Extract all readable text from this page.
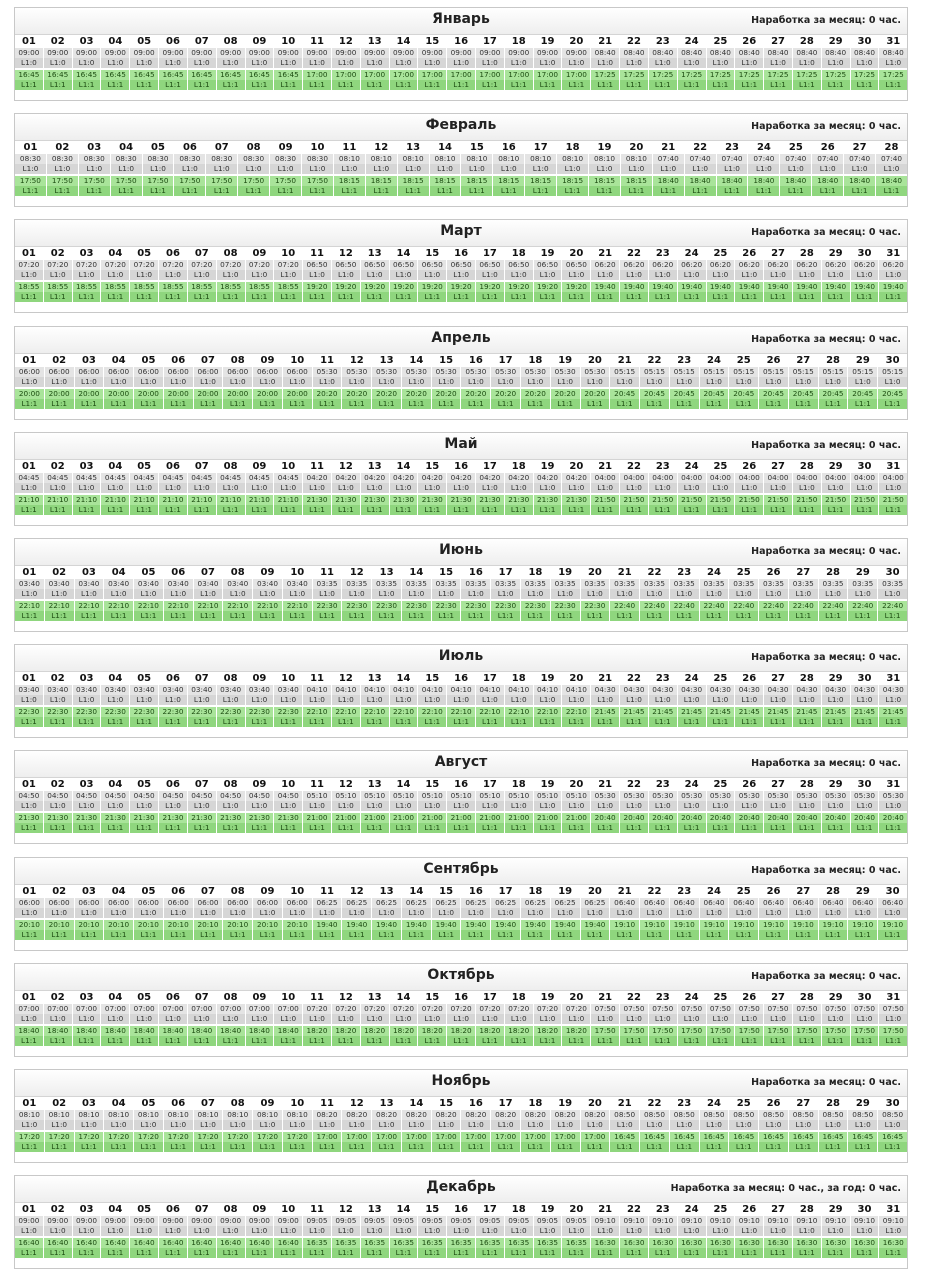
Январь	Наработка за месяц: 0 час.
01	02	03	04	05	06	07	08	09	10	11	12	13	14	15	16	17	18	19	20	21	22	23	24	25	26	27	28	29	30	31
09:00	09:00	09:00	09:00	09:00	09:00	09:00	09:00	09:00	09:00	09:00	09:00	09:00	09:00	09:00	09:00	09:00	09:00	09:00	09:00	08:40	08:40	08:40	08:40	08:40	08:40	08:40	08:40	08:40	08:40	08:40
L1:0	L1:0	L1:0	L1:0	L1:0	L1:0	L1:0	L1:0	L1:0	L1:0	L1:0	L1:0	L1:0	L1:0	L1:0	L1:0	L1:0	L1:0	L1:0	L1:0	L1:0	L1:0	L1:0	L1:0	L1:0	L1:0	L1:0	L1:0	L1:0	L1:0	L1:0
16:45	16:45	16:45	16:45	16:45	16:45	16:45	16:45	16:45	16:45	17:00	17:00	17:00	17:00	17:00	17:00	17:00	17:00	17:00	17:00	17:25	17:25	17:25	17:25	17:25	17:25	17:25	17:25	17:25	17:25	17:25
L1:1	L1:1	L1:1	L1:1	L1:1	L1:1	L1:1	L1:1	L1:1	L1:1	L1:1	L1:1	L1:1	L1:1	L1:1	L1:1	L1:1	L1:1	L1:1	L1:1	L1:1	L1:1	L1:1	L1:1	L1:1	L1:1	L1:1	L1:1	L1:1	L1:1	L1:1
Февраль	Наработка за месяц: 0 час.
01	02	03	04	05	06	07	08	09	10	11	12	13	14	15	16	17	18	19	20	21	22	23	24	25	26	27	28
08:30	08:30	08:30	08:30	08:30	08:30	08:30	08:30	08:30	08:30	08:10	08:10	08:10	08:10	08:10	08:10	08:10	08:10	08:10	08:10	07:40	07:40	07:40	07:40	07:40	07:40	07:40	07:40
L1:0	L1:0	L1:0	L1:0	L1:0	L1:0	L1:0	L1:0	L1:0	L1:0	L1:0	L1:0	L1:0	L1:0	L1:0	L1:0	L1:0	L1:0	L1:0	L1:0	L1:0	L1:0	L1:0	L1:0	L1:0	L1:0	L1:0	L1:0
17:50	17:50	17:50	17:50	17:50	17:50	17:50	17:50	17:50	17:50	18:15	18:15	18:15	18:15	18:15	18:15	18:15	18:15	18:15	18:15	18:40	18:40	18:40	18:40	18:40	18:40	18:40	18:40
L1:1	L1:1	L1:1	L1:1	L1:1	L1:1	L1:1	L1:1	L1:1	L1:1	L1:1	L1:1	L1:1	L1:1	L1:1	L1:1	L1:1	L1:1	L1:1	L1:1	L1:1	L1:1	L1:1	L1:1	L1:1	L1:1	L1:1	L1:1
Март	Наработка за месяц: 0 час.
01	02	03	04	05	06	07	08	09	10	11	12	13	14	15	16	17	18	19	20	21	22	23	24	25	26	27	28	29	30	31
07:20	07:20	07:20	07:20	07:20	07:20	07:20	07:20	07:20	07:20	06:50	06:50	06:50	06:50	06:50	06:50	06:50	06:50	06:50	06:50	06:20	06:20	06:20	06:20	06:20	06:20	06:20	06:20	06:20	06:20	06:20
L1:0	L1:0	L1:0	L1:0	L1:0	L1:0	L1:0	L1:0	L1:0	L1:0	L1:0	L1:0	L1:0	L1:0	L1:0	L1:0	L1:0	L1:0	L1:0	L1:0	L1:0	L1:0	L1:0	L1:0	L1:0	L1:0	L1:0	L1:0	L1:0	L1:0	L1:0
18:55	18:55	18:55	18:55	18:55	18:55	18:55	18:55	18:55	18:55	19:20	19:20	19:20	19:20	19:20	19:20	19:20	19:20	19:20	19:20	19:40	19:40	19:40	19:40	19:40	19:40	19:40	19:40	19:40	19:40	19:40
L1:1	L1:1	L1:1	L1:1	L1:1	L1:1	L1:1	L1:1	L1:1	L1:1	L1:1	L1:1	L1:1	L1:1	L1:1	L1:1	L1:1	L1:1	L1:1	L1:1	L1:1	L1:1	L1:1	L1:1	L1:1	L1:1	L1:1	L1:1	L1:1	L1:1	L1:1
Апрель	Наработка за месяц: 0 час.
01	02	03	04	05	06	07	08	09	10	11	12	13	14	15	16	17	18	19	20	21	22	23	24	25	26	27	28	29	30
06:00	06:00	06:00	06:00	06:00	06:00	06:00	06:00	06:00	06:00	05:30	05:30	05:30	05:30	05:30	05:30	05:30	05:30	05:30	05:30	05:15	05:15	05:15	05:15	05:15	05:15	05:15	05:15	05:15	05:15
L1:0	L1:0	L1:0	L1:0	L1:0	L1:0	L1:0	L1:0	L1:0	L1:0	L1:0	L1:0	L1:0	L1:0	L1:0	L1:0	L1:0	L1:0	L1:0	L1:0	L1:0	L1:0	L1:0	L1:0	L1:0	L1:0	L1:0	L1:0	L1:0	L1:0
20:00	20:00	20:00	20:00	20:00	20:00	20:00	20:00	20:00	20:00	20:20	20:20	20:20	20:20	20:20	20:20	20:20	20:20	20:20	20:20	20:45	20:45	20:45	20:45	20:45	20:45	20:45	20:45	20:45	20:45
L1:1	L1:1	L1:1	L1:1	L1:1	L1:1	L1:1	L1:1	L1:1	L1:1	L1:1	L1:1	L1:1	L1:1	L1:1	L1:1	L1:1	L1:1	L1:1	L1:1	L1:1	L1:1	L1:1	L1:1	L1:1	L1:1	L1:1	L1:1	L1:1	L1:1
Май	Наработка за месяц: 0 час.
01	02	03	04	05	06	07	08	09	10	11	12	13	14	15	16	17	18	19	20	21	22	23	24	25	26	27	28	29	30	31
04:45	04:45	04:45	04:45	04:45	04:45	04:45	04:45	04:45	04:45	04:20	04:20	04:20	04:20	04:20	04:20	04:20	04:20	04:20	04:20	04:00	04:00	04:00	04:00	04:00	04:00	04:00	04:00	04:00	04:00	04:00
L1:0	L1:0	L1:0	L1:0	L1:0	L1:0	L1:0	L1:0	L1:0	L1:0	L1:0	L1:0	L1:0	L1:0	L1:0	L1:0	L1:0	L1:0	L1:0	L1:0	L1:0	L1:0	L1:0	L1:0	L1:0	L1:0	L1:0	L1:0	L1:0	L1:0	L1:0
21:10	21:10	21:10	21:10	21:10	21:10	21:10	21:10	21:10	21:10	21:30	21:30	21:30	21:30	21:30	21:30	21:30	21:30	21:30	21:30	21:50	21:50	21:50	21:50	21:50	21:50	21:50	21:50	21:50	21:50	21:50
L1:1	L1:1	L1:1	L1:1	L1:1	L1:1	L1:1	L1:1	L1:1	L1:1	L1:1	L1:1	L1:1	L1:1	L1:1	L1:1	L1:1	L1:1	L1:1	L1:1	L1:1	L1:1	L1:1	L1:1	L1:1	L1:1	L1:1	L1:1	L1:1	L1:1	L1:1
Июнь	Наработка за месяц: 0 час.
01	02	03	04	05	06	07	08	09	10	11	12	13	14	15	16	17	18	19	20	21	22	23	24	25	26	27	28	29	30
03:40	03:40	03:40	03:40	03:40	03:40	03:40	03:40	03:40	03:40	03:35	03:35	03:35	03:35	03:35	03:35	03:35	03:35	03:35	03:35	03:35	03:35	03:35	03:35	03:35	03:35	03:35	03:35	03:35	03:35
L1:0	L1:0	L1:0	L1:0	L1:0	L1:0	L1:0	L1:0	L1:0	L1:0	L1:0	L1:0	L1:0	L1:0	L1:0	L1:0	L1:0	L1:0	L1:0	L1:0	L1:0	L1:0	L1:0	L1:0	L1:0	L1:0	L1:0	L1:0	L1:0	L1:0
22:10	22:10	22:10	22:10	22:10	22:10	22:10	22:10	22:10	22:10	22:30	22:30	22:30	22:30	22:30	22:30	22:30	22:30	22:30	22:30	22:40	22:40	22:40	22:40	22:40	22:40	22:40	22:40	22:40	22:40
L1:1	L1:1	L1:1	L1:1	L1:1	L1:1	L1:1	L1:1	L1:1	L1:1	L1:1	L1:1	L1:1	L1:1	L1:1	L1:1	L1:1	L1:1	L1:1	L1:1	L1:1	L1:1	L1:1	L1:1	L1:1	L1:1	L1:1	L1:1	L1:1	L1:1
Июль	Наработка за месяц: 0 час.
01	02	03	04	05	06	07	08	09	10	11	12	13	14	15	16	17	18	19	20	21	22	23	24	25	26	27	28	29	30	31
03:40	03:40	03:40	03:40	03:40	03:40	03:40	03:40	03:40	03:40	04:10	04:10	04:10	04:10	04:10	04:10	04:10	04:10	04:10	04:10	04:30	04:30	04:30	04:30	04:30	04:30	04:30	04:30	04:30	04:30	04:30
L1:0	L1:0	L1:0	L1:0	L1:0	L1:0	L1:0	L1:0	L1:0	L1:0	L1:0	L1:0	L1:0	L1:0	L1:0	L1:0	L1:0	L1:0	L1:0	L1:0	L1:0	L1:0	L1:0	L1:0	L1:0	L1:0	L1:0	L1:0	L1:0	L1:0	L1:0
22:30	22:30	22:30	22:30	22:30	22:30	22:30	22:30	22:30	22:30	22:10	22:10	22:10	22:10	22:10	22:10	22:10	22:10	22:10	22:10	21:45	21:45	21:45	21:45	21:45	21:45	21:45	21:45	21:45	21:45	21:45
L1:1	L1:1	L1:1	L1:1	L1:1	L1:1	L1:1	L1:1	L1:1	L1:1	L1:1	L1:1	L1:1	L1:1	L1:1	L1:1	L1:1	L1:1	L1:1	L1:1	L1:1	L1:1	L1:1	L1:1	L1:1	L1:1	L1:1	L1:1	L1:1	L1:1	L1:1
Август	Наработка за месяц: 0 час.
01	02	03	04	05	06	07	08	09	10	11	12	13	14	15	16	17	18	19	20	21	22	23	24	25	26	27	28	29	30	31
04:50	04:50	04:50	04:50	04:50	04:50	04:50	04:50	04:50	04:50	05:10	05:10	05:10	05:10	05:10	05:10	05:10	05:10	05:10	05:10	05:30	05:30	05:30	05:30	05:30	05:30	05:30	05:30	05:30	05:30	05:30
L1:0	L1:0	L1:0	L1:0	L1:0	L1:0	L1:0	L1:0	L1:0	L1:0	L1:0	L1:0	L1:0	L1:0	L1:0	L1:0	L1:0	L1:0	L1:0	L1:0	L1:0	L1:0	L1:0	L1:0	L1:0	L1:0	L1:0	L1:0	L1:0	L1:0	L1:0
21:30	21:30	21:30	21:30	21:30	21:30	21:30	21:30	21:30	21:30	21:00	21:00	21:00	21:00	21:00	21:00	21:00	21:00	21:00	21:00	20:40	20:40	20:40	20:40	20:40	20:40	20:40	20:40	20:40	20:40	20:40
L1:1	L1:1	L1:1	L1:1	L1:1	L1:1	L1:1	L1:1	L1:1	L1:1	L1:1	L1:1	L1:1	L1:1	L1:1	L1:1	L1:1	L1:1	L1:1	L1:1	L1:1	L1:1	L1:1	L1:1	L1:1	L1:1	L1:1	L1:1	L1:1	L1:1	L1:1
Сентябрь	Наработка за месяц: 0 час.
01	02	03	04	05	06	07	08	09	10	11	12	13	14	15	16	17	18	19	20	21	22	23	24	25	26	27	28	29	30
06:00	06:00	06:00	06:00	06:00	06:00	06:00	06:00	06:00	06:00	06:25	06:25	06:25	06:25	06:25	06:25	06:25	06:25	06:25	06:25	06:40	06:40	06:40	06:40	06:40	06:40	06:40	06:40	06:40	06:40
L1:0	L1:0	L1:0	L1:0	L1:0	L1:0	L1:0	L1:0	L1:0	L1:0	L1:0	L1:0	L1:0	L1:0	L1:0	L1:0	L1:0	L1:0	L1:0	L1:0	L1:0	L1:0	L1:0	L1:0	L1:0	L1:0	L1:0	L1:0	L1:0	L1:0
20:10	20:10	20:10	20:10	20:10	20:10	20:10	20:10	20:10	20:10	19:40	19:40	19:40	19:40	19:40	19:40	19:40	19:40	19:40	19:40	19:10	19:10	19:10	19:10	19:10	19:10	19:10	19:10	19:10	19:10
L1:1	L1:1	L1:1	L1:1	L1:1	L1:1	L1:1	L1:1	L1:1	L1:1	L1:1	L1:1	L1:1	L1:1	L1:1	L1:1	L1:1	L1:1	L1:1	L1:1	L1:1	L1:1	L1:1	L1:1	L1:1	L1:1	L1:1	L1:1	L1:1	L1:1
Октябрь	Наработка за месяц: 0 час.
01	02	03	04	05	06	07	08	09	10	11	12	13	14	15	16	17	18	19	20	21	22	23	24	25	26	27	28	29	30	31
07:00	07:00	07:00	07:00	07:00	07:00	07:00	07:00	07:00	07:00	07:20	07:20	07:20	07:20	07:20	07:20	07:20	07:20	07:20	07:20	07:50	07:50	07:50	07:50	07:50	07:50	07:50	07:50	07:50	07:50	07:50
L1:0	L1:0	L1:0	L1:0	L1:0	L1:0	L1:0	L1:0	L1:0	L1:0	L1:0	L1:0	L1:0	L1:0	L1:0	L1:0	L1:0	L1:0	L1:0	L1:0	L1:0	L1:0	L1:0	L1:0	L1:0	L1:0	L1:0	L1:0	L1:0	L1:0	L1:0
18:40	18:40	18:40	18:40	18:40	18:40	18:40	18:40	18:40	18:40	18:20	18:20	18:20	18:20	18:20	18:20	18:20	18:20	18:20	18:20	17:50	17:50	17:50	17:50	17:50	17:50	17:50	17:50	17:50	17:50	17:50
L1:1	L1:1	L1:1	L1:1	L1:1	L1:1	L1:1	L1:1	L1:1	L1:1	L1:1	L1:1	L1:1	L1:1	L1:1	L1:1	L1:1	L1:1	L1:1	L1:1	L1:1	L1:1	L1:1	L1:1	L1:1	L1:1	L1:1	L1:1	L1:1	L1:1	L1:1
Ноябрь	Наработка за месяц: 0 час.
01	02	03	04	05	06	07	08	09	10	11	12	13	14	15	16	17	18	19	20	21	22	23	24	25	26	27	28	29	30
08:10	08:10	08:10	08:10	08:10	08:10	08:10	08:10	08:10	08:10	08:20	08:20	08:20	08:20	08:20	08:20	08:20	08:20	08:20	08:20	08:50	08:50	08:50	08:50	08:50	08:50	08:50	08:50	08:50	08:50
L1:0	L1:0	L1:0	L1:0	L1:0	L1:0	L1:0	L1:0	L1:0	L1:0	L1:0	L1:0	L1:0	L1:0	L1:0	L1:0	L1:0	L1:0	L1:0	L1:0	L1:0	L1:0	L1:0	L1:0	L1:0	L1:0	L1:0	L1:0	L1:0	L1:0
17:20	17:20	17:20	17:20	17:20	17:20	17:20	17:20	17:20	17:20	17:00	17:00	17:00	17:00	17:00	17:00	17:00	17:00	17:00	17:00	16:45	16:45	16:45	16:45	16:45	16:45	16:45	16:45	16:45	16:45
L1:1	L1:1	L1:1	L1:1	L1:1	L1:1	L1:1	L1:1	L1:1	L1:1	L1:1	L1:1	L1:1	L1:1	L1:1	L1:1	L1:1	L1:1	L1:1	L1:1	L1:1	L1:1	L1:1	L1:1	L1:1	L1:1	L1:1	L1:1	L1:1	L1:1
Декабрь	Наработка за месяц: 0 час., за год: 0 час.
01	02	03	04	05	06	07	08	09	10	11	12	13	14	15	16	17	18	19	20	21	22	23	24	25	26	27	28	29	30	31
09:00	09:00	09:00	09:00	09:00	09:00	09:00	09:00	09:00	09:00	09:05	09:05	09:05	09:05	09:05	09:05	09:05	09:05	09:05	09:05	09:10	09:10	09:10	09:10	09:10	09:10	09:10	09:10	09:10	09:10	09:10
L1:0	L1:0	L1:0	L1:0	L1:0	L1:0	L1:0	L1:0	L1:0	L1:0	L1:0	L1:0	L1:0	L1:0	L1:0	L1:0	L1:0	L1:0	L1:0	L1:0	L1:0	L1:0	L1:0	L1:0	L1:0	L1:0	L1:0	L1:0	L1:0	L1:0	L1:0
16:40	16:40	16:40	16:40	16:40	16:40	16:40	16:40	16:40	16:40	16:35	16:35	16:35	16:35	16:35	16:35	16:35	16:35	16:35	16:35	16:30	16:30	16:30	16:30	16:30	16:30	16:30	16:30	16:30	16:30	16:30
L1:1	L1:1	L1:1	L1:1	L1:1	L1:1	L1:1	L1:1	L1:1	L1:1	L1:1	L1:1	L1:1	L1:1	L1:1	L1:1	L1:1	L1:1	L1:1	L1:1	L1:1	L1:1	L1:1	L1:1	L1:1	L1:1	L1:1	L1:1	L1:1	L1:1	L1:1
